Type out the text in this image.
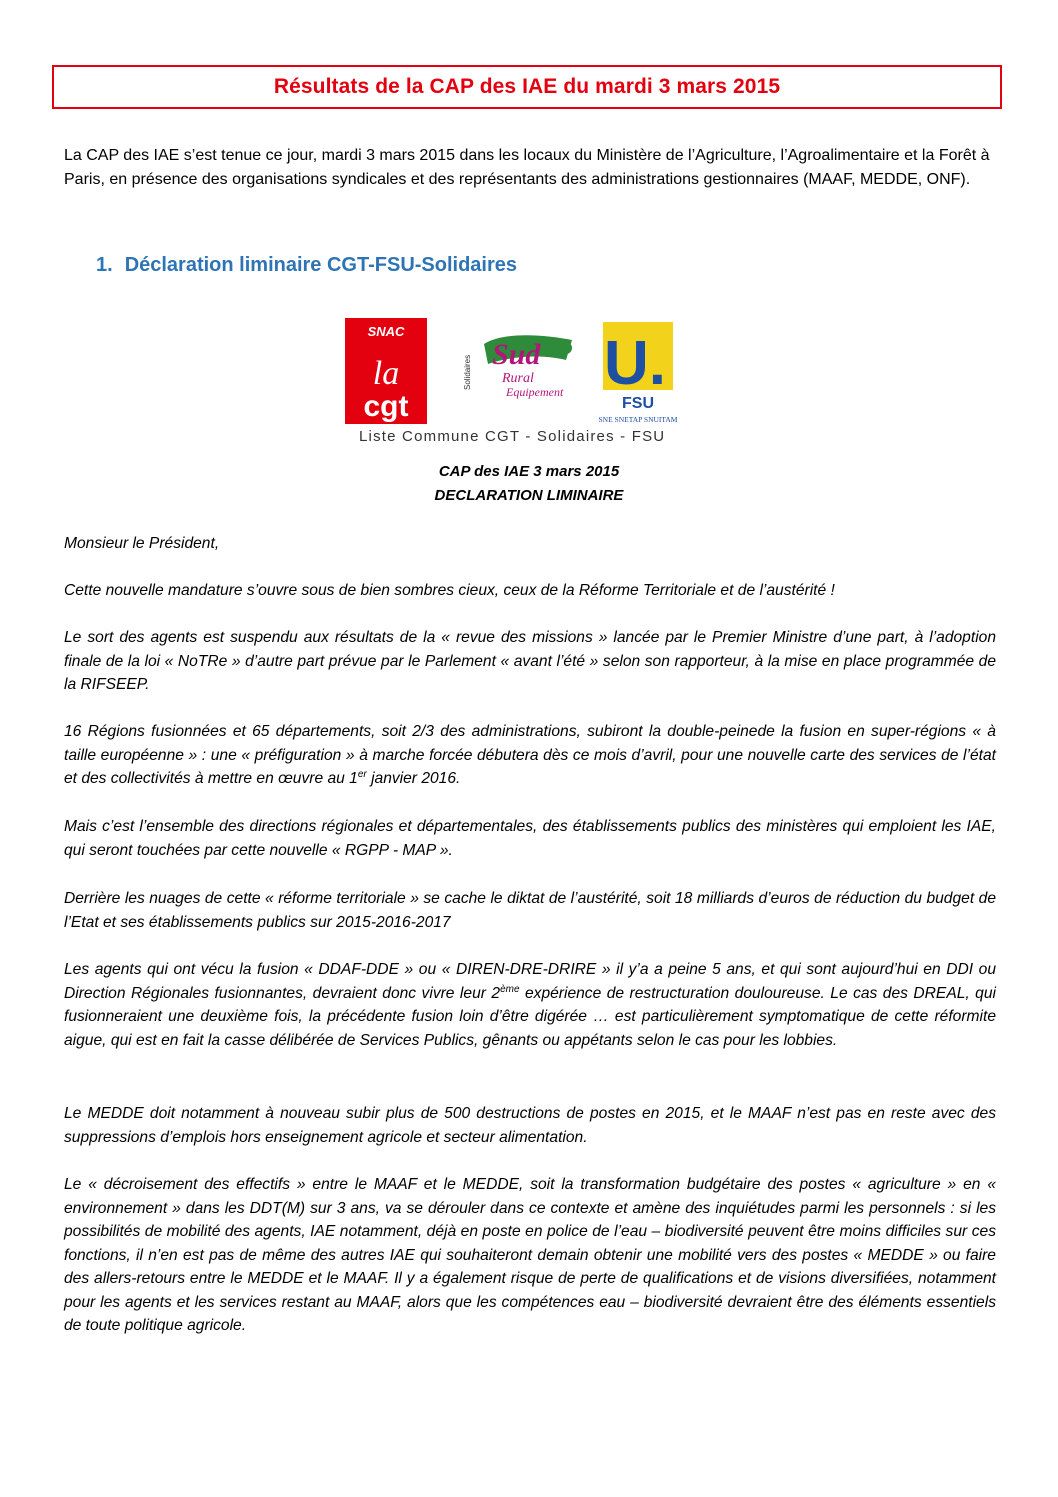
Résultats de la CAP des IAE du mardi 3 mars 2015

La CAP des IAE s’est tenue ce jour, mardi 3 mars 2015 dans les locaux du Ministère de l’Agriculture, l’Agroalimentaire et la Forêt à Paris, en présence des organisations syndicales et des représentants des administrations gestionnaires (MAAF, MEDDE, ONF).

1. Déclaration liminaire CGT-FSU-Solidaires
SNAC
la
cgt
Solidaires
Sud
Rural
Equipement U.
FSU
SNE SNETAP SNUITAM

Liste Commune CGT - Solidaires - FSU

CAP des IAE 3 mars 2015
DECLARATION LIMINAIRE

Monsieur le Président,

Cette nouvelle mandature s’ouvre sous de bien sombres cieux, ceux de la Réforme Territoriale et de l’austérité !

Le sort des agents est suspendu aux résultats de la « revue des missions » lancée par le Premier Ministre d’une part, à l’adoption finale de la loi « NoTRe » d’autre part prévue par le Parlement « avant l’été » selon son rapporteur, à la mise en place programmée de la RIFSEEP.

16 Régions fusionnées et 65 départements, soit 2/3 des administrations, subiront la double-peinede la fusion en super-régions « à taille européenne » : une « préfiguration » à marche forcée débutera dès ce mois d’avril, pour une nouvelle carte des services de l’état et des collectivités à mettre en œuvre au 1er janvier 2016.

Mais c’est l’ensemble des directions régionales et départementales, des établissements publics des ministères qui emploient les IAE, qui seront touchées par cette nouvelle « RGPP - MAP ».

Derrière les nuages de cette « réforme territoriale » se cache le diktat de l’austérité, soit 18 milliards d’euros de réduction du budget de l’Etat et ses établissements publics sur 2015-2016-2017

Les agents qui ont vécu la fusion « DDAF-DDE » ou « DIREN-DRE-DRIRE » il y’a a peine 5 ans, et qui sont aujourd’hui en DDI ou Direction Régionales fusionnantes, devraient donc vivre leur 2ème expérience de restructuration douloureuse. Le cas des DREAL, qui fusionneraient une deuxième fois, la précédente fusion loin d’être digérée … est particulièrement symptomatique de cette réformite aigue, qui est en fait la casse délibérée de Services Publics, gênants ou appétants selon le cas pour les lobbies.

Le MEDDE doit notamment à nouveau subir plus de 500 destructions de postes en 2015, et le MAAF n’est pas en reste avec des suppressions d’emplois hors enseignement agricole et secteur alimentation.

Le « décroisement des effectifs » entre le MAAF et le MEDDE, soit la transformation budgétaire des postes « agriculture » en « environnement » dans les DDT(M) sur 3 ans, va se dérouler dans ce contexte et amène des inquiétudes parmi les personnels : si les possibilités de mobilité des agents, IAE notamment, déjà en poste en police de l’eau – biodiversité peuvent être moins difficiles sur ces fonctions, il n’en est pas de même des autres IAE qui souhaiteront demain obtenir une mobilité vers des postes « MEDDE » ou faire des allers-retours entre le MEDDE et le MAAF. Il y a également risque de perte de qualifications et de visions diversifiées, notamment pour les agents et les services restant au MAAF, alors que les compétences eau – biodiversité devraient être des éléments essentiels de toute politique agricole.
